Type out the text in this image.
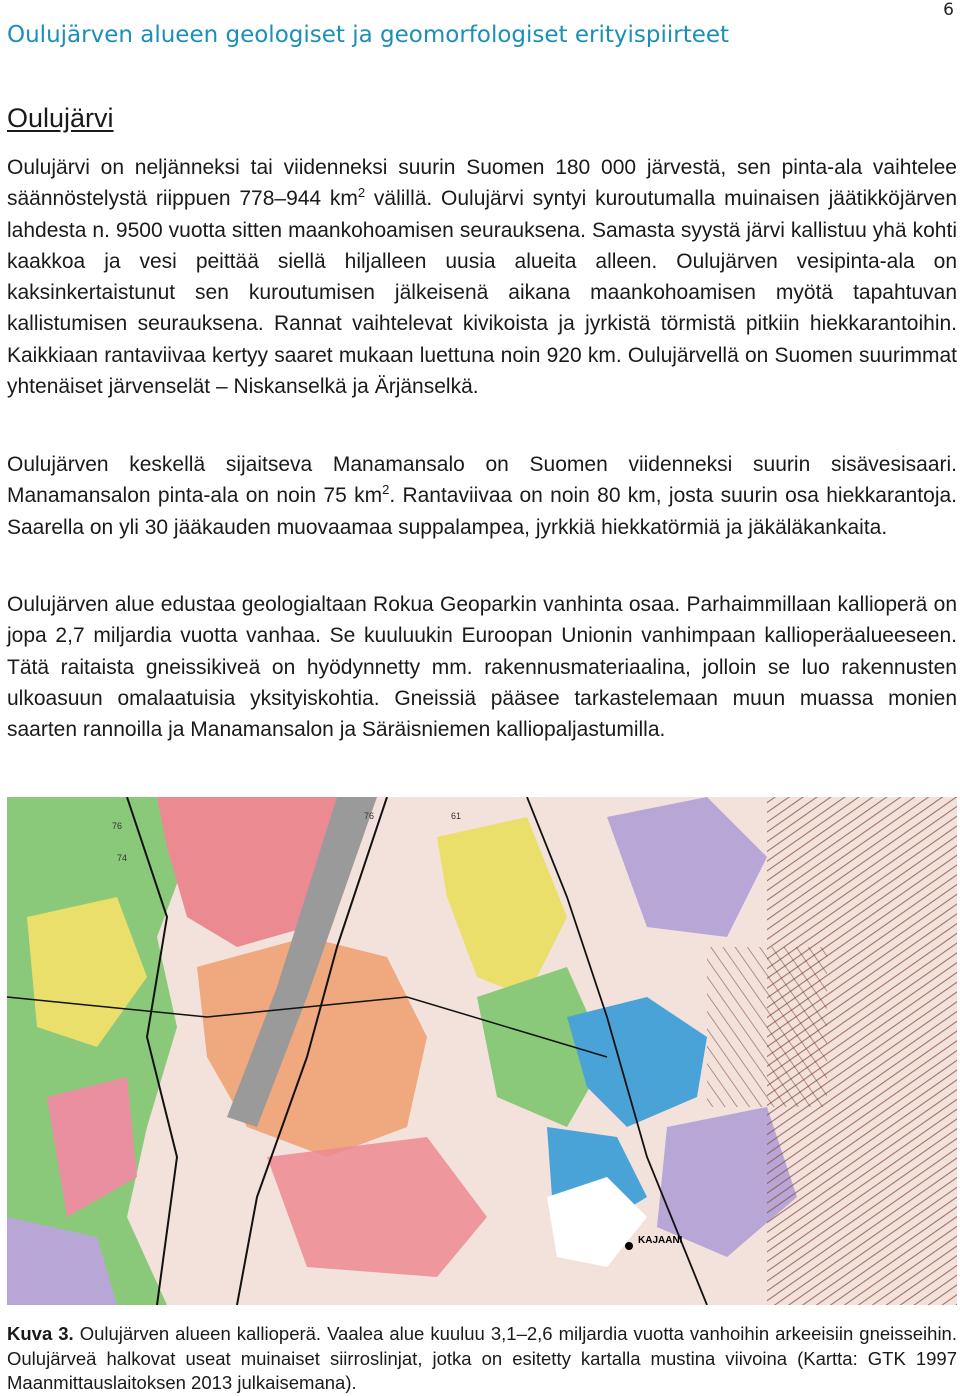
Oulujärven alueen geologiset ja geomorfologiset erityispiirteet
6
Oulujärvi

Oulujärvi on neljänneksi tai viidenneksi suurin Suomen 180 000 järvestä, sen pinta-ala vaihtelee säännöstelystä riippuen 778–944 $km^2$ välillä. Oulujärvi syntyi kuroutumalla muinaisen jäätikköjärven lahdesta n. 9500 vuotta sitten maankohoamisen seurauksena. Samasta syystä järvi kallistuu yhä kohti kaakkoa ja vesi peittää siellä hiljalleen uusia alueita alleen. Oulujärven vesipinta-ala on kaksinkertaistunut sen kuroutumisen jälkeisenä aikana maankohoamisen myötä tapahtuvan kallistumisen seurauksena. Rannat vaihtelevat kivikoista ja jyrkistä törmistä pitkiin hiekkarantoihin. Kaikkiaan rantaviivaa kertyy saaret mukaan luettuna noin 920 km. Oulujärvellä on Suomen suurimmat yhtenäiset järvenselät – Niskanselkä ja Ärjänselkä.

Oulujärven keskellä sijaitseva Manamansalo on Suomen viidenneksi suurin sisävesisaari. Manamansalon pinta-ala on noin 75 $km^2$. Rantaviivaa on noin 80 km, josta suurin osa hiekkarantoja. Saarella on yli 30 jääkauden muovaamaa suppalampea, jyrkkiä hiekkatörmiä ja jäkäläkankaita.

Oulujärven alue edustaa geologialtaan Rokua Geoparkin vanhinta osaa. Parhaimmillaan kallioperä on jopa 2,7 miljardia vuotta vanhaa. Se kuuluukin Euroopan Unionin vanhimpaan kallioperäalueeseen. Tätä raitaista gneissikiveä on hyödynnetty mm. rakennusmateriaalina, jolloin se luo rakennusten ulkoasuun omalaatuisia yksityiskohtia. Gneissiä pääsee tarkastelemaan muun muassa monien saarten rannoilla ja Manamansalon ja Säräisniemen kalliopaljastumilla.

76
74
76	61
KAJAANI

Kuva 3. Oulujärven alueen kallioperä. Vaalea alue kuuluu 3,1–2,6 miljardia vuotta vanhoihin arkeeisiin gneisseihin. Oulujärveä halkovat useat muinaiset siirroslinjat, jotka on esitetty kartalla mustina viivoina (Kartta: GTK 1997 Maanmittauslaitoksen 2013 julkaisemana).
